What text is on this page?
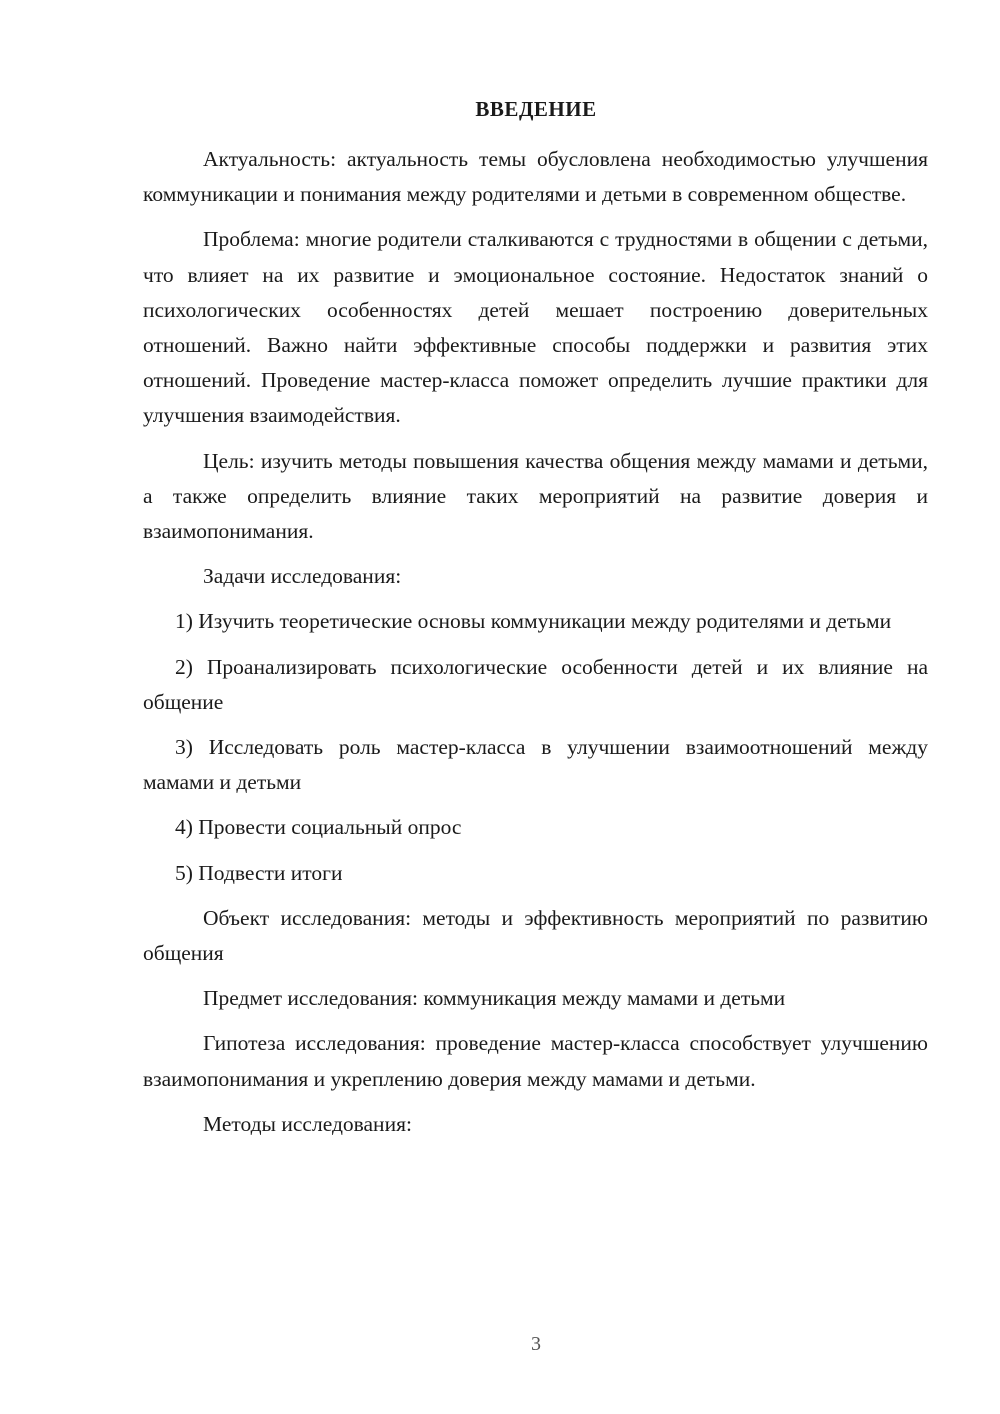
ВВЕДЕНИЕ

Актуальность: актуальность темы обусловлена необходимостью улучшения коммуникации и понимания между родителями и детьми в современном обществе.

Проблема: многие родители сталкиваются с трудностями в общении с детьми, что влияет на их развитие и эмоциональное состояние. Недостаток знаний о психологических особенностях детей мешает построению доверительных отношений. Важно найти эффективные способы поддержки и развития этих отношений. Проведение мастер-класса поможет определить лучшие практики для улучшения взаимодействия.

Цель: изучить методы повышения качества общения между мамами и детьми, а также определить влияние таких мероприятий на развитие доверия и взаимопонимания.

Задачи исследования:

1) Изучить теоретические основы коммуникации между родителями и детьми

2) Проанализировать психологические особенности детей и их влияние на общение

3) Исследовать роль мастер-класса в улучшении взаимоотношений между мамами и детьми

4) Провести социальный опрос

5) Подвести итоги

Объект исследования: методы и эффективность мероприятий по развитию общения

Предмет исследования: коммуникация между мамами и детьми

Гипотеза исследования: проведение мастер-класса способствует улучшению взаимопонимания и укреплению доверия между мамами и детьми.

Методы исследования:

3
